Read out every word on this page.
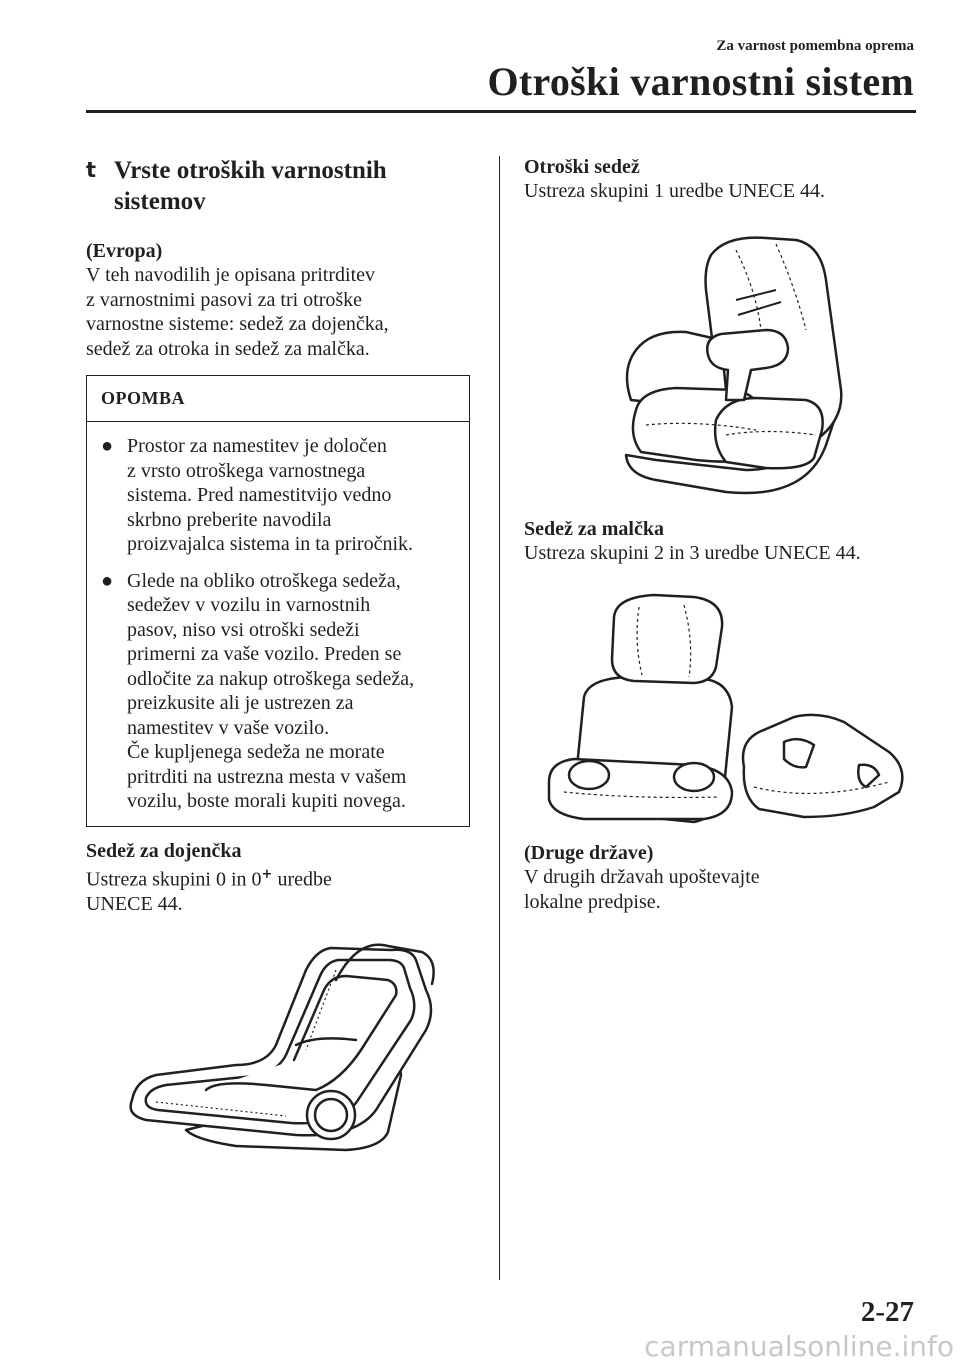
Za varnost pomembna oprema
Otroški varnostni sistem
t Vrste otroških varnostnih
sistemov
(Evropa)
V teh navodilih je opisana pritrditev
z varnostnimi pasovi za tri otroške
varnostne sisteme: sedež za dojenčka,
sedež za otroka in sedež za malčka.
OPOMBA
● Prostor za namestitev je določen
z vrsto otroškega varnostnega
sistema. Pred namestitvijo vedno
skrbno preberite navodila
proizvajalca sistema in ta priročnik.
● Glede na obliko otroškega sedeža,
sedežev v vozilu in varnostnih
pasov, niso vsi otroški sedeži
primerni za vaše vozilo. Preden se
odločite za nakup otroškega sedeža,
preizkusite ali je ustrezen za
namestitev v vaše vozilo.
Če kupljenega sedeža ne morate
pritrditi na ustrezna mesta v vašem
vozilu, boste morali kupiti novega.
Sedež za dojenčka
Ustreza skupini 0 in 0+ uredbe
UNECE 44.
Otroški sedež
Ustreza skupini 1 uredbe UNECE 44.
Sedež za malčka
Ustreza skupini 2 in 3 uredbe UNECE 44.
(Druge države)
V drugih državah upoštevajte
lokalne predpise.
2-27
carmanualsonline.info
